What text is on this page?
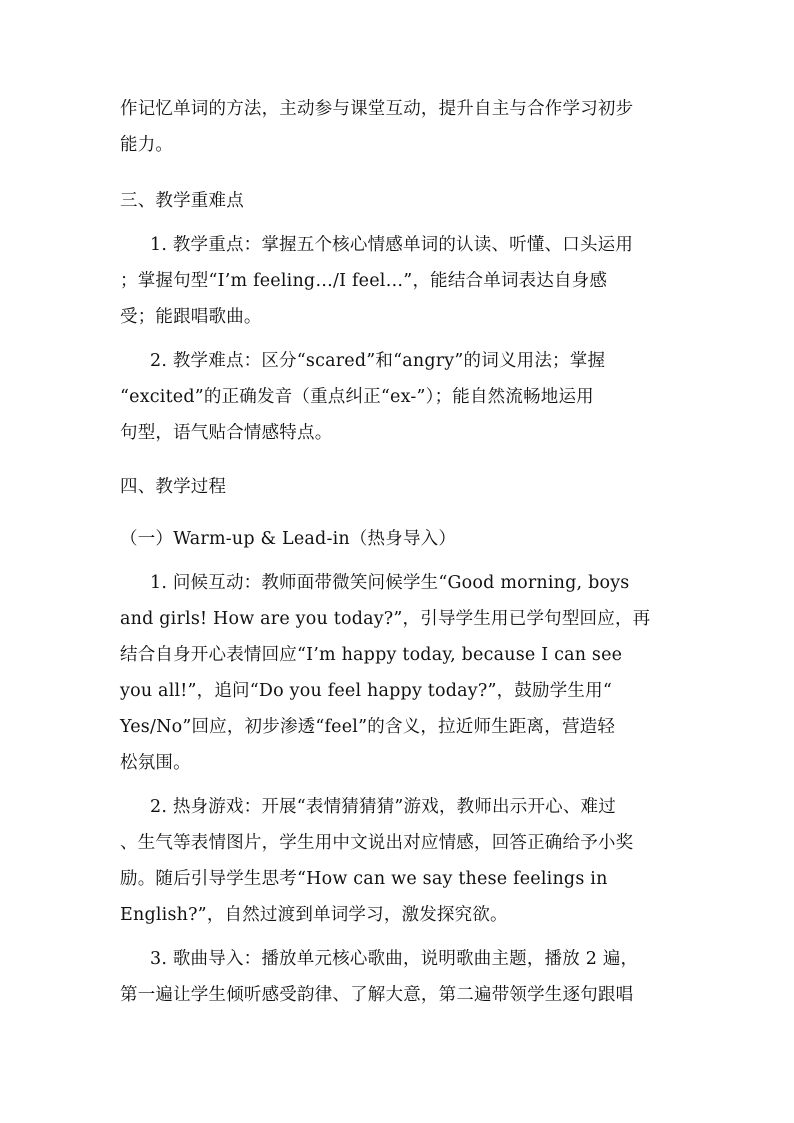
作记忆单词的方法，主动参与课堂互动，提升自主与合作学习初步
能力。
三、教学重难点
1. 教学重点：掌握五个核心情感单词的认读、听懂、口头运用
；掌握句型“I’m feeling…/I feel…”，能结合单词表达自身感
受；能跟唱歌曲。
2. 教学难点：区分“scared”和“angry”的词义用法；掌握
“excited”的正确发音（重点纠正“ex-”）；能自然流畅地运用
句型，语气贴合情感特点。
四、教学过程
（一）Warm-up & Lead-in（热身导入）
1. 问候互动：教师面带微笑问候学生“Good morning, boys
and girls! How are you today?”，引导学生用已学句型回应，再
结合自身开心表情回应“I’m happy today, because I can see
you all!”，追问“Do you feel happy today?”，鼓励学生用“
Yes/No”回应，初步渗透“feel”的含义，拉近师生距离，营造轻
松氛围。
2. 热身游戏：开展“表情猜猜猜”游戏，教师出示开心、难过
、生气等表情图片，学生用中文说出对应情感，回答正确给予小奖
励。随后引导学生思考“How can we say these feelings in
English?”，自然过渡到单词学习，激发探究欲。
3. 歌曲导入：播放单元核心歌曲，说明歌曲主题，播放 2 遍，
第一遍让学生倾听感受韵律、了解大意，第二遍带领学生逐句跟唱
